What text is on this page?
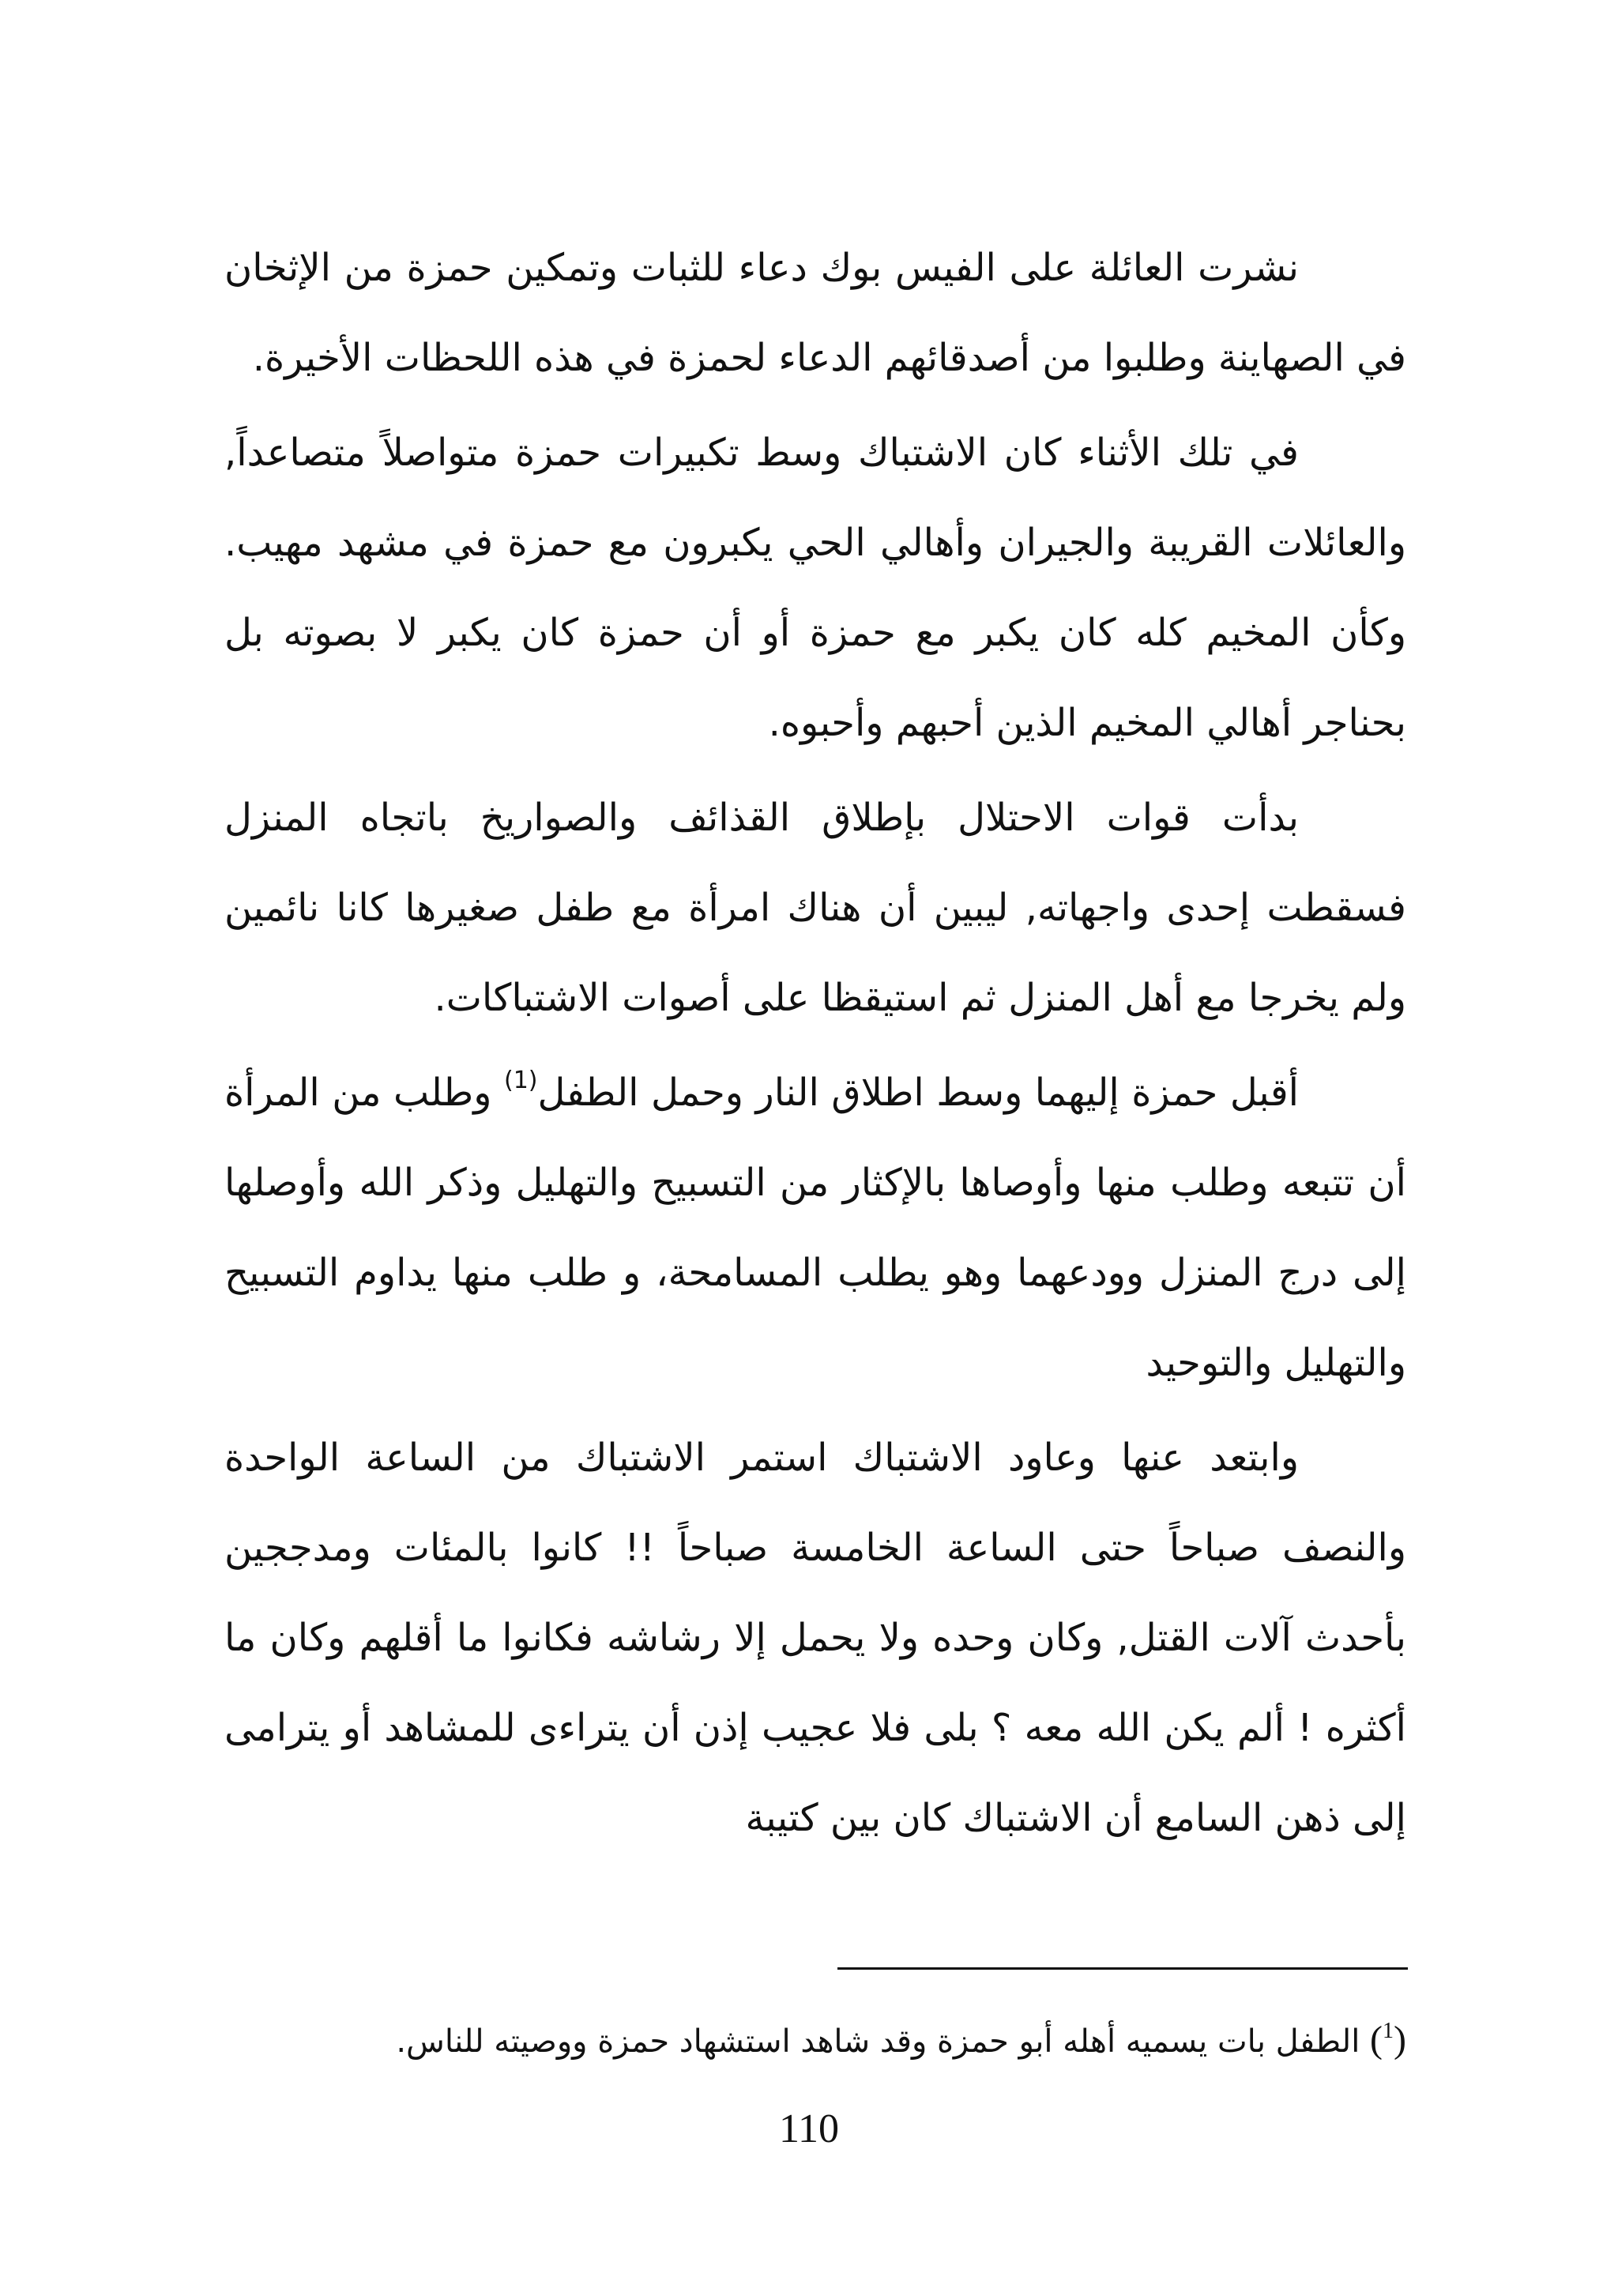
نشرت العائلة على الفيس بوك دعاء للثبات وتمكين حمزة من الإثخان في الصهاينة وطلبوا من أصدقائهم الدعاء لحمزة في هذه اللحظات الأخيرة.

في تلك الأثناء كان الاشتباك وسط تكبيرات حمزة متواصلاً متصاعداً, والعائلات القريبة والجيران وأهالي الحي يكبرون مع حمزة في مشهد مهيب. وكأن المخيم كله كان يكبر مع حمزة أو أن حمزة كان يكبر لا بصوته بل بحناجر أهالي المخيم الذين أحبهم وأحبوه.

بدأت قوات الاحتلال بإطلاق القذائف والصواريخ باتجاه المنزل فسقطت إحدى واجهاته, ليبين أن هناك امرأة مع طفل صغيرها كانا نائمين ولم يخرجا مع أهل المنزل ثم استيقظا على أصوات الاشتباكات.

أقبل حمزة إليهما وسط اطلاق النار وحمل الطفل$^{(1)}$ وطلب من المرأة أن تتبعه وطلب منها وأوصاها بالإكثار من التسبيح والتهليل وذكر الله وأوصلها إلى درج المنزل وودعهما وهو يطلب المسامحة، و طلب منها يداوم التسبيح والتهليل والتوحيد

وابتعد عنها وعاود الاشتباك استمر الاشتباك من الساعة الواحدة والنصف صباحاً حتى الساعة الخامسة صباحاً !! كانوا بالمئات ومدججين بأحدث آلات القتل, وكان وحده ولا يحمل إلا رشاشه فكانوا ما أقلهم وكان ما أكثره ! ألم يكن الله معه ؟ بلى فلا عجيب إذن أن يتراءى للمشاهد أو يترامى إلى ذهن السامع أن الاشتباك كان بين كتيبة

($^1$) الطفل بات يسميه أهله أبو حمزة وقد شاهد استشهاد حمزة ووصيته للناس.
110
